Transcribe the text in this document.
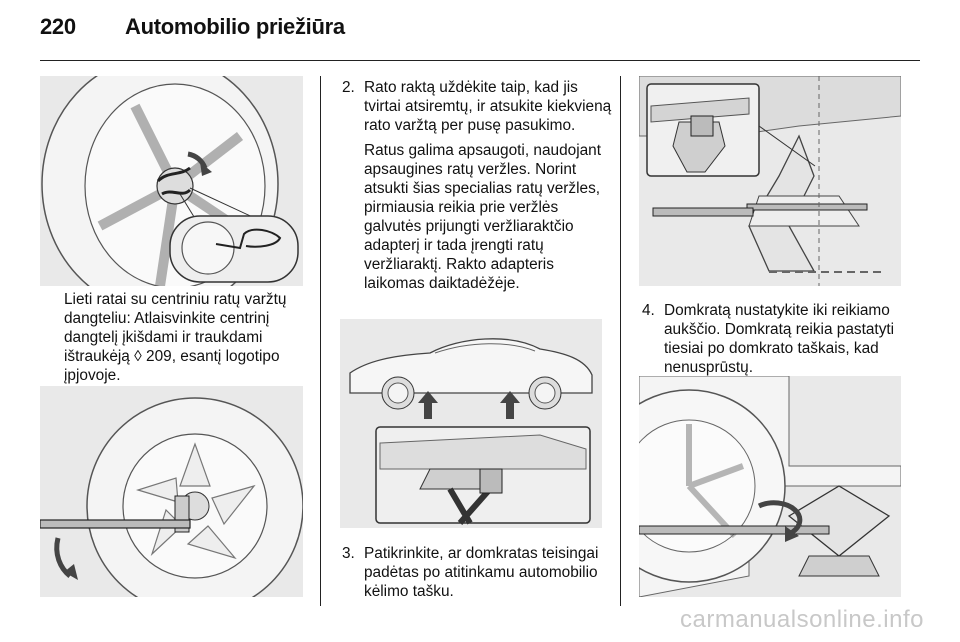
220 Automobilio priežiūra

Lieti ratai su centriniu ratų varžtų dangteliu: Atlaisvinkite centrinį dangtelį įkišdami ir traukdami ištraukėją ◊ 209, esantį logotipo įpjovoje.

2. Rato raktą uždėkite taip, kad jis tvirtai atsiremtų, ir atsukite kiekvieną rato varžtą per pusę pasukimo.

Ratus galima apsaugoti, naudojant apsaugines ratų veržles. Norint atsukti šias specialias ratų veržles, pirmiausia reikia prie veržlės galvutės prijungti veržliaraktčio adapterį ir tada įrengti ratų veržliaraktį. Rakto adapteris laikomas daiktadėžėje.

3. Patikrinkite, ar domkratas teisingai padėtas po atitinkamu automobilio kėlimo tašku.
4. Domkratą nustatykite iki reikiamo aukščio. Domkratą reikia pastatyti tiesiai po domkrato taškais, kad nenusprūstų.
carmanualsonline.info
